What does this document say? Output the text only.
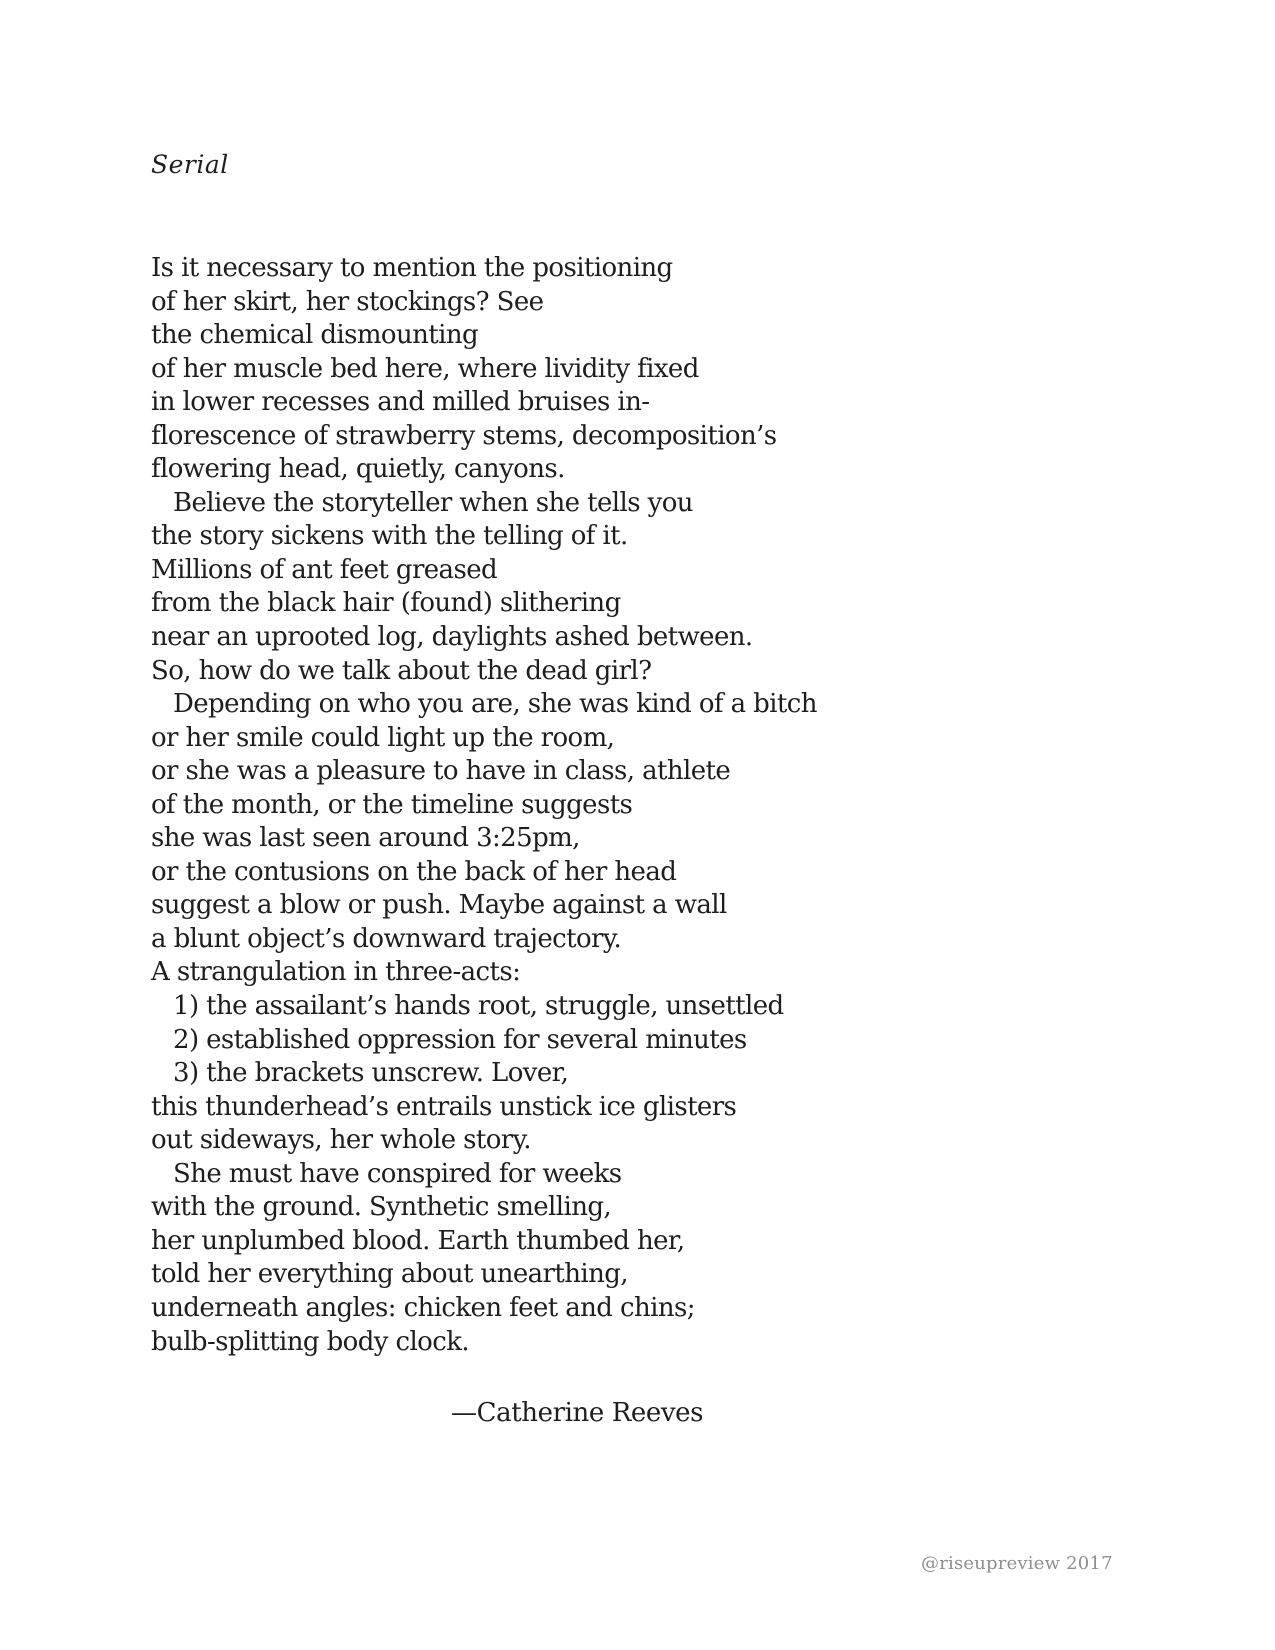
Serial
Is it necessary to mention the positioning
of her skirt, her stockings? See
the chemical dismounting
of her muscle bed here, where lividity fixed
in lower recesses and milled bruises in-
florescence of strawberry stems, decomposition’s
flowering head, quietly, canyons.
Believe the storyteller when she tells you
the story sickens with the telling of it.
Millions of ant feet greased
from the black hair (found) slithering
near an uprooted log, daylights ashed between.
So, how do we talk about the dead girl?
Depending on who you are, she was kind of a bitch
or her smile could light up the room,
or she was a pleasure to have in class, athlete
of the month, or the timeline suggests
she was last seen around 3:25pm,
or the contusions on the back of her head
suggest a blow or push. Maybe against a wall
a blunt object’s downward trajectory.
A strangulation in three-acts:
1) the assailant’s hands root, struggle, unsettled
2) established oppression for several minutes
3) the brackets unscrew. Lover,
this thunderhead’s entrails unstick ice glisters
out sideways, her whole story.
She must have conspired for weeks
with the ground. Synthetic smelling,
her unplumbed blood. Earth thumbed her,
told her everything about unearthing,
underneath angles: chicken feet and chins;
bulb-splitting body clock.

—Catherine Reeves

@riseupreview 2017
